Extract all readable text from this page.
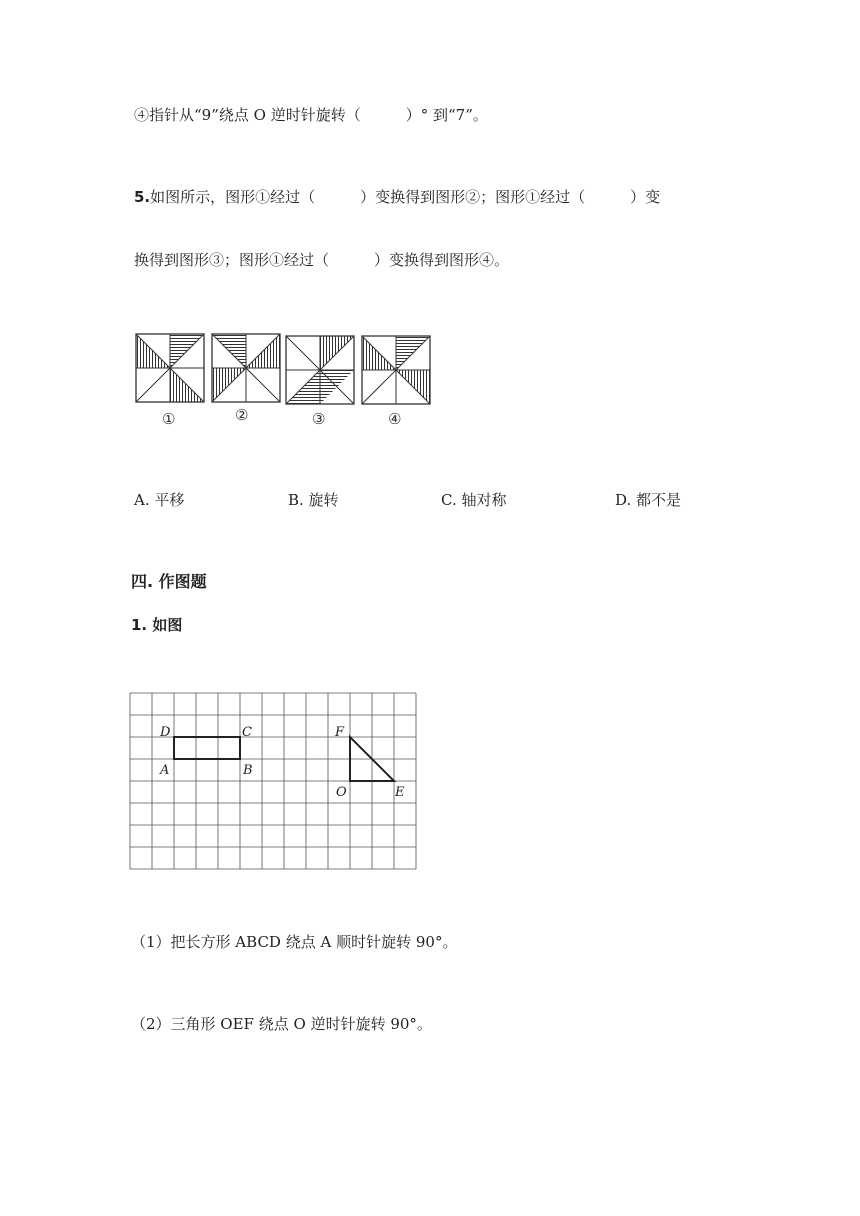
④指针从“9”绕点 O 逆时针旋转（　　　）° 到“7”。
5.如图所示，图形①经过（　　　）变换得到图形②；图形①经过（　　　）变
换得到图形③；图形①经过（　　　）变换得到图形④。
①	②	③	④
A. 平移	B. 旋转	C. 轴对称	D. 都不是
四. 作图题
1. 如图
D	C
A	B
F
O	E
（1）把长方形 ABCD 绕点 A 顺时针旋转 90°。
（2）三角形 OEF 绕点 O 逆时针旋转 90°。
